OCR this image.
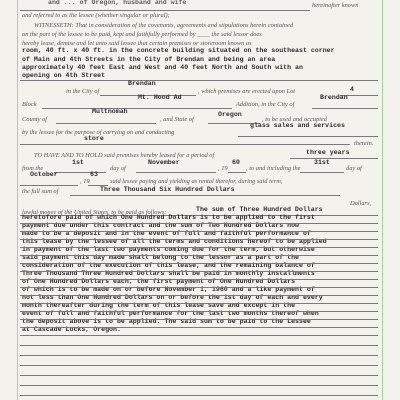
and ... of Oregon, husband and wife	hereinafter known
and referred to as the lessee (whether singular or plural);
WITNESSETH: That in consideration of the covenants, agreements and stipulations herein contained
on the part of the lessee to be paid, kept and faithfully performed by ____ the said lessor does
hereby lease, demise and let unto said lessee that certain premises or storeroom known as
room, 40 ft. x 40 ft. in the concrete building situated on the southeast corner
of Main and 4th Streets in the City of Brendan and being an area
approximately 40 feet East and West and 40 feet North and South with an
opening on 4th Street
Brendan
in the City of	, which premises are erected upon Lot	4
Mt. Hood Ad	Brendan
Block	Addition, in the City of
Multnomah	Oregon
County of	, and State of	, to be used and occupied
glass sales and services
by the lessee for the purpose of carrying on and conducting
store
therein.
TO HAVE AND TO HOLD said premises hereby leased for a period of	three years
1st	November	60	31st
from the	day of	, 19	, to and including the	day of
October	63
, 19	said lessee paying and yielding as rental therefor, during said term,
the full sum of	Three Thousand Six Hundred Dollars
Dollars,
lawful money of the United States, to be paid as follows:	The sum of Three Hundred Dollars
heretofore paid of which One Hundred Dollars is to be applied to the first
payment due under this contract and the sum of Two Hundred Dollars now
made to be a deposit and in the event of full and faithful performance of
this lease by the lessee of all the terms and conditions hereof to be applied
in payment of the last two payments coming due for the term, but otherwise
said payment this day made shall belong to the lessor as a part of the
consideration of the execution of this lease, and the remaining balance of
Three Thousand Three Hundred Dollars shall be paid in monthly installments
of One Hundred Dollars each, the first payment of One Hundred Dollars
of which is to be made on or before November 1, 1960 and a like payment of
not less than One Hundred Dollars on or before the 1st day of each and every
month thereafter during the term of this lease save and except in the
event of full and faithful performance for the last two months thereof when
the deposit above is to be applied. The said sum to be paid to the Lessee
at Cascade Locks, Oregon.
